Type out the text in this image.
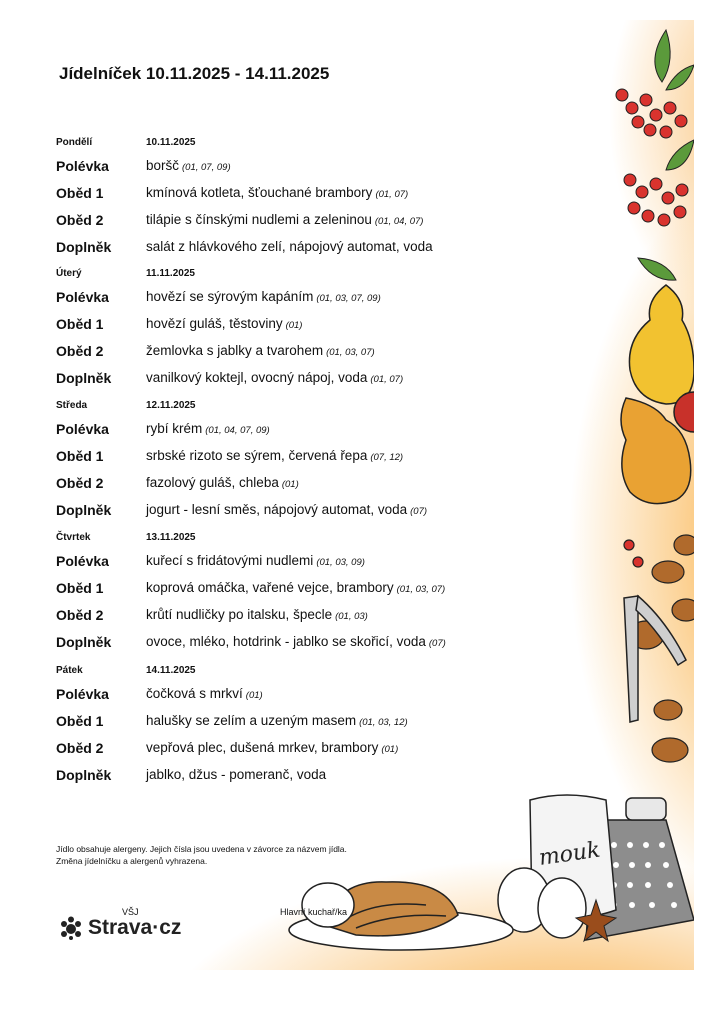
mouk
Jídelníček 10.11.2025 - 14.11.2025
Pondělí	10.11.2025
Polévka	boršč (01, 07, 09)
Oběd 1	kmínová kotleta, šťouchané brambory (01, 07)
Oběd 2	tilápie s čínskými nudlemi a zeleninou (01, 04, 07)
Doplněk	salát z hlávkového zelí, nápojový automat, voda
Úterý	11.11.2025
Polévka	hovězí se sýrovým kapáním (01, 03, 07, 09)
Oběd 1	hovězí guláš, těstoviny (01)
Oběd 2	žemlovka s jablky a tvarohem (01, 03, 07)
Doplněk	vanilkový koktejl, ovocný nápoj, voda (01, 07)
Středa	12.11.2025
Polévka	rybí krém (01, 04, 07, 09)
Oběd 1	srbské rizoto se sýrem, červená řepa (07, 12)
Oběd 2	fazolový guláš, chleba (01)
Doplněk	jogurt - lesní směs, nápojový automat, voda (07)
Čtvrtek	13.11.2025
Polévka	kuřecí s fridátovými nudlemi (01, 03, 09)
Oběd 1	koprová omáčka, vařené vejce, brambory (01, 03, 07)
Oběd 2	krůtí nudličky po italsku, špecle (01, 03)
Doplněk	ovoce, mléko, hotdrink - jablko se skořicí, voda (07)
Pátek	14.11.2025
Polévka	čočková s mrkví (01)
Oběd 1	halušky se zelím a uzeným masem (01, 03, 12)
Oběd 2	vepřová plec, dušená mrkev, brambory (01)
Doplněk	jablko, džus - pomeranč, voda
Jídlo obsahuje alergeny. Jejich čísla jsou uvedena v závorce za názvem jídla.
Změna jídelníčku a alergenů vyhrazena.
VŠJ	Hlavní kuchař/ka
Strava·cz
